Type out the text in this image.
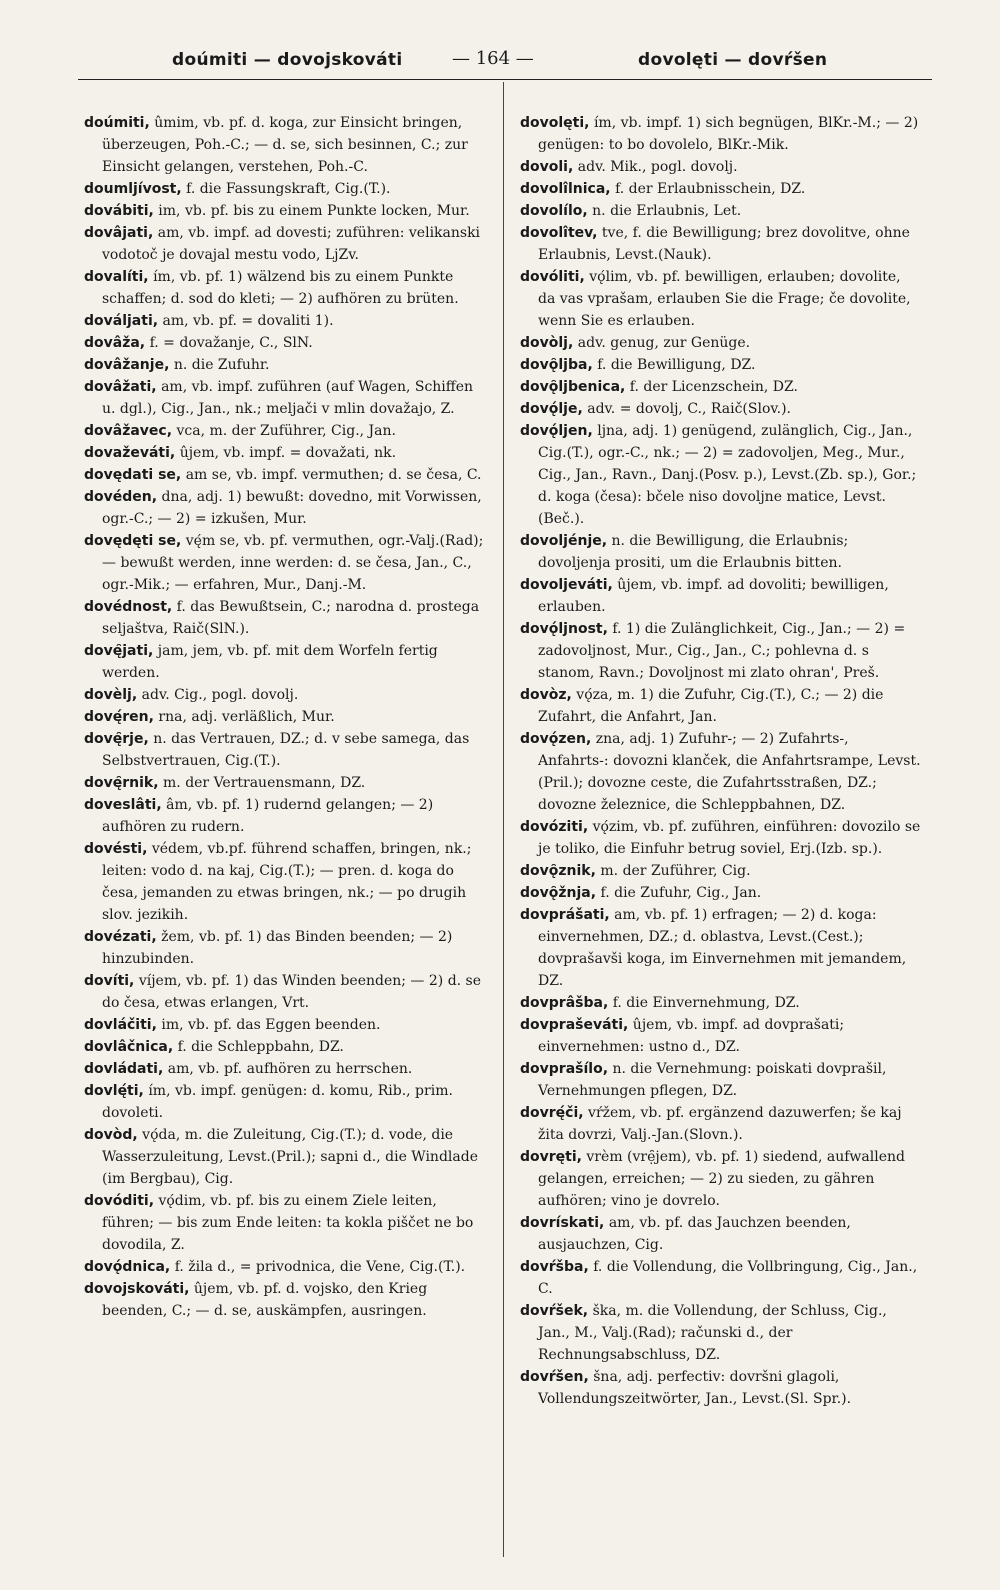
doúmiti — dovojskováti	— 164 —	dovolęti — dovŕšen

doúmiti, ûmim, vb. pf. d. koga, zur Einsicht bringen, überzeugen, Poh.-C.; — d. se, sich besinnen, C.; zur Einsicht gelangen, verstehen, Poh.-C.

doumljívost, f. die Fassungskraft, Cig.(T.).

dovábiti, im, vb. pf. bis zu einem Punkte locken, Mur.

dovâjati, am, vb. impf. ad dovesti; zuführen: velikanski vodotoč je dovajal mestu vodo, LjZv.

dovalíti, ím, vb. pf. 1) wälzend bis zu einem Punkte schaffen; d. sod do kleti; — 2) aufhören zu brüten.

dováljati, am, vb. pf. = dovaliti 1).

dovâža, f. = dovažanje, C., SlN.

dovâžanje, n. die Zufuhr.

dovâžati, am, vb. impf. zuführen (auf Wagen, Schiffen u. dgl.), Cig., Jan., nk.; meljači v mlin dovažajo, Z.

dovâžavec, vca, m. der Zuführer, Cig., Jan.

dovaževáti, ûjem, vb. impf. = dovažati, nk.

dovędati se, am se, vb. impf. vermuthen; d. se česa, C.

dovéden, dna, adj. 1) bewußt: dovedno, mit Vorwissen, ogr.-C.; — 2) = izkušen, Mur.

dovędęti se, vę́m se, vb. pf. vermuthen, ogr.-Valj.(Rad); — bewußt werden, inne werden: d. se česa, Jan., C., ogr.-Mik.; — erfahren, Mur., Danj.-M.

dovédnost, f. das Bewußtsein, C.; narodna d. prostega seljaštva, Raič(SlN.).

dovę̑jati, jam, jem, vb. pf. mit dem Worfeln fertig werden.

dovèlj, adv. Cig., pogl. dovolj.

dovę́ren, rna, adj. verläßlich, Mur.

dovę̑rje, n. das Vertrauen, DZ.; d. v sebe samega, das Selbstvertrauen, Cig.(T.).

dovę̑rnik, m. der Vertrauensmann, DZ.

doveslâti, âm, vb. pf. 1) rudernd gelangen; — 2) aufhören zu rudern.

dovésti, védem, vb.pf. führend schaffen, bringen, nk.; leiten: vodo d. na kaj, Cig.(T.); — pren. d. koga do česa, jemanden zu etwas bringen, nk.; — po drugih slov. jezikih.

dovézati, žem, vb. pf. 1) das Binden beenden; — 2) hinzubinden.

dovíti, víjem, vb. pf. 1) das Winden beenden; — 2) d. se do česa, etwas erlangen, Vrt.

dovláčiti, im, vb. pf. das Eggen beenden.

dovlâčnica, f. die Schleppbahn, DZ.

dovládati, am, vb. pf. aufhören zu herrschen.

dovlę́ti, ím, vb. impf. genügen: d. komu, Rib., prim. dovoleti.

dovòd, vǫ́da, m. die Zuleitung, Cig.(T.); d. vode, die Wasserzuleitung, Levst.(Pril.); sapni d., die Windlade (im Bergbau), Cig.

dovóditi, vǫ́dim, vb. pf. bis zu einem Ziele leiten, führen; — bis zum Ende leiten: ta kokla piščet ne bo dovodila, Z.

dovǫ́dnica, f. žila d., = privodnica, die Vene, Cig.(T.).

dovojskováti, ûjem, vb. pf. d. vojsko, den Krieg beenden, C.; — d. se, auskämpfen, ausringen.

dovolęti, ím, vb. impf. 1) sich begnügen, BlKr.-M.; — 2) genügen: to bo dovolelo, BlKr.-Mik.

dovoli, adv. Mik., pogl. dovolj.

dovolîlnica, f. der Erlaubnisschein, DZ.

dovolílo, n. die Erlaubnis, Let.

dovolîtev, tve, f. die Bewilligung; brez dovolitve, ohne Erlaubnis, Levst.(Nauk).

dovóliti, vǫ́lim, vb. pf. bewilligen, erlauben; dovolite, da vas vprašam, erlauben Sie die Frage; če dovolite, wenn Sie es erlauben.

dovòlj, adv. genug, zur Genüge.

dovǫ̑ljba, f. die Bewilligung, DZ.

dovǫ̑ljbenica, f. der Licenzschein, DZ.

dovǫ́lje, adv. = dovolj, C., Raič(Slov.).

dovǫ́ljen, ljna, adj. 1) genügend, zulänglich, Cig., Jan., Cig.(T.), ogr.-C., nk.; — 2) = zadovoljen, Meg., Mur., Cig., Jan., Ravn., Danj.(Posv. p.), Levst.(Zb. sp.), Gor.; d. koga (česa): bčele niso dovoljne matice, Levst.(Beč.).

dovoljénje, n. die Bewilligung, die Erlaubnis; dovoljenja prositi, um die Erlaubnis bitten.

dovoljeváti, ûjem, vb. impf. ad dovoliti; bewilligen, erlauben.

dovǫ́ljnost, f. 1) die Zulänglichkeit, Cig., Jan.; — 2) = zadovoljnost, Mur., Cig., Jan., C.; pohlevna d. s stanom, Ravn.; Dovoljnost mi zlato ohran', Preš.

dovòz, vǫ́za, m. 1) die Zufuhr, Cig.(T.), C.; — 2) die Zufahrt, die Anfahrt, Jan.

dovǫ́zen, zna, adj. 1) Zufuhr-; — 2) Zufahrts-, Anfahrts-: dovozni klanček, die Anfahrtsrampe, Levst.(Pril.); dovozne ceste, die Zufahrtsstraßen, DZ.; dovozne železnice, die Schleppbahnen, DZ.

dovóziti, vǫ́zim, vb. pf. zuführen, einführen: dovozilo se je toliko, die Einfuhr betrug soviel, Erj.(Izb. sp.).

dovǫ̑znik, m. der Zuführer, Cig.

dovǫ̑žnja, f. die Zufuhr, Cig., Jan.

dovprášati, am, vb. pf. 1) erfragen; — 2) d. koga: einvernehmen, DZ.; d. oblastva, Levst.(Cest.); dovprašavši koga, im Einvernehmen mit jemandem, DZ.

dovprâšba, f. die Einvernehmung, DZ.

dovpraševáti, ûjem, vb. impf. ad dovprašati; einvernehmen: ustno d., DZ.

dovprašílo, n. die Vernehmung: poiskati dovprašil, Vernehmungen pflegen, DZ.

dovrę́či, vŕžem, vb. pf. ergänzend dazuwerfen; še kaj žita dovrzi, Valj.-Jan.(Slovn.).

dovręti, vrèm (vrẹ̑jem), vb. pf. 1) siedend, aufwallend gelangen, erreichen; — 2) zu sieden, zu gähren aufhören; vino je dovrelo.

dovrískati, am, vb. pf. das Jauchzen beenden, ausjauchzen, Cig.

dovŕšba, f. die Vollendung, die Vollbringung, Cig., Jan., C.

dovŕšek, ška, m. die Vollendung, der Schluss, Cig., Jan., M., Valj.(Rad); računski d., der Rechnungsabschluss, DZ.

dovŕšen, šna, adj. perfectiv: dovršni glagoli, Vollendungszeitwörter, Jan., Levst.(Sl. Spr.).
